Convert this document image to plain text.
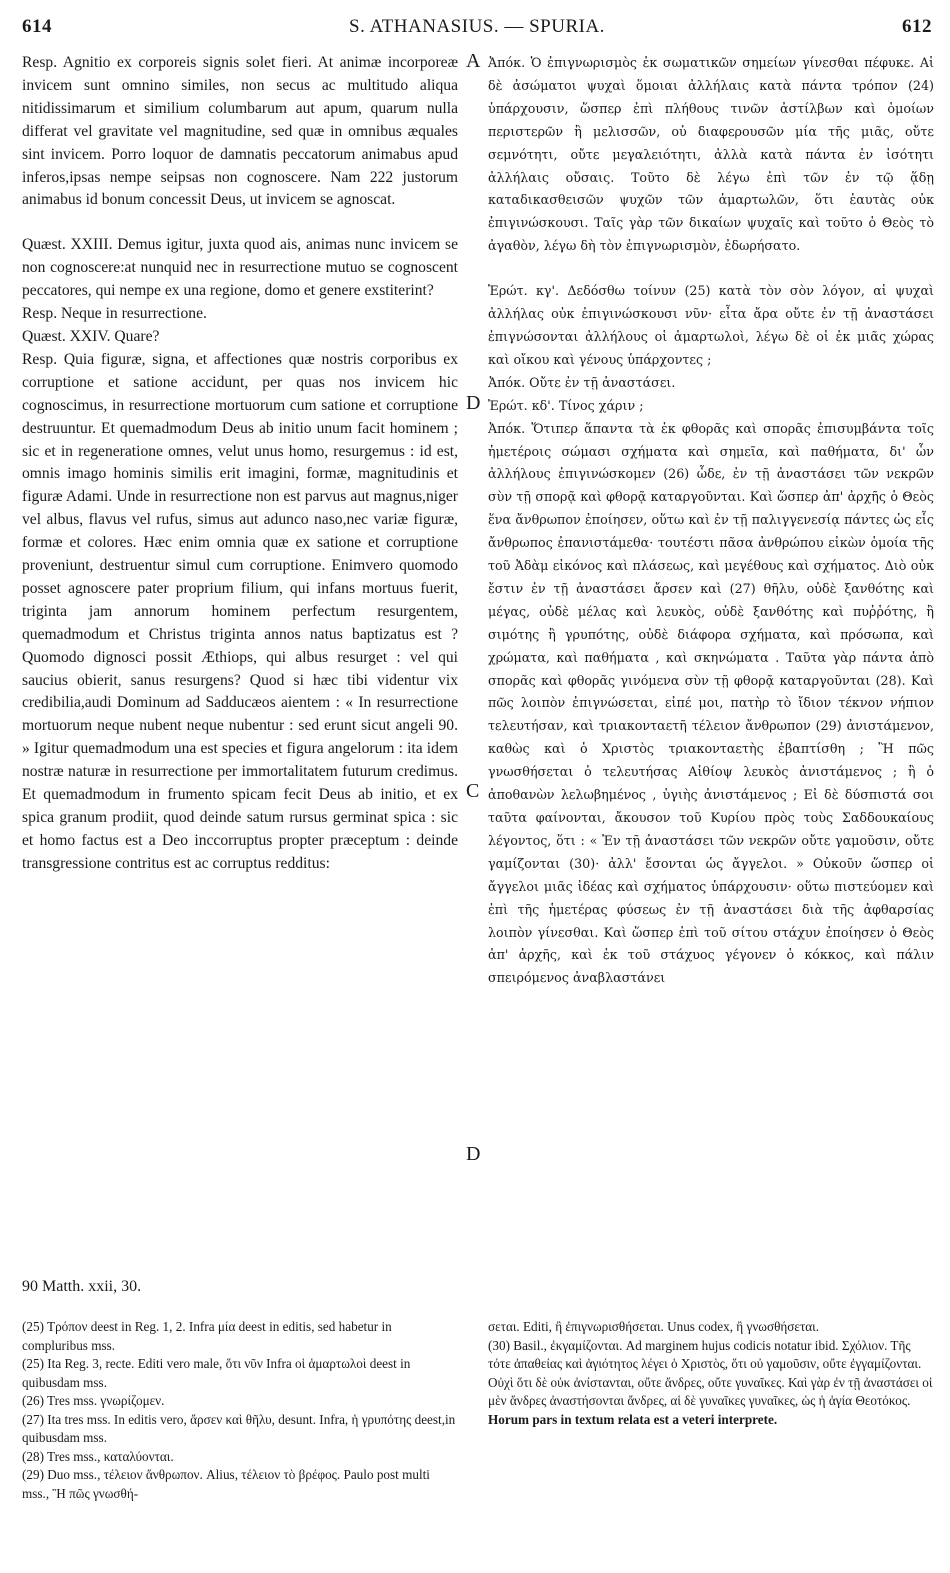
614	S. ATHANASIUS. — SPURIA.	612

Resp. Agnitio ex corporeis signis solet fieri. At animæ incorporeæ invicem sunt omnino similes, non secus ac multitudo aliqua nitidissimarum et similium columbarum aut apum, quarum nulla differat vel gravitate vel magnitudine, sed quæ in omnibus æquales sint invicem. Porro loquor de damnatis peccatorum animabus apud inferos,ipsas nempe seipsas non cognoscere. Nam 222 justorum animabus id bonum concessit Deus, ut invicem se agnoscat.

Quæst. XXIII. Demus igitur, juxta quod ais, animas nunc invicem se non cognoscere:at nunquid nec in resurrectione mutuo se cognoscent peccatores, qui nempe ex una regione, domo et genere exstiterint?

Resp. Neque in resurrectione.

Quæst. XXIV. Quare?

Resp. Quia figuræ, signa, et affectiones quæ nostris corporibus ex corruptione et satione accidunt, per quas nos invicem hic cognoscimus, in resurrectione mortuorum cum satione et corruptione destruuntur. Et quemadmodum Deus ab initio unum facit hominem ; sic et in regeneratione omnes, velut unus homo, resurgemus : id est, omnis imago hominis similis erit imagini, formæ, magnitudinis et figuræ Adami. Unde in resurrectione non est parvus aut magnus,niger vel albus, flavus vel rufus, simus aut adunco naso,nec variæ figuræ, formæ et colores. Hæc enim omnia quæ ex satione et corruptione proveniunt, destruentur simul cum corruptione. Enimvero quomodo posset agnoscere pater proprium filium, qui infans mortuus fuerit, triginta jam annorum hominem perfectum resurgentem, quemadmodum et Christus triginta annos natus baptizatus est ? Quomodo dignosci possit Æthiops, qui albus resurget : vel qui saucius obierit, sanus resurgens? Quod si hæc tibi videntur vix credibilia,audi Dominum ad Sadducæos aientem : « In resurrectione mortuorum neque nubent neque nubentur : sed erunt sicut angeli 90. » Igitur quemadmodum una est species et figura angelorum : ita idem nostræ naturæ in resurrectione per immortalitatem futurum credimus. Et quemadmodum in frumento spicam fecit Deus ab initio, et ex spica granum prodiit, quod deinde satum rursus germinat spica : sic et homo factus est a Deo inccorruptus propter præceptum : deinde transgressione contritus est ac corruptus redditus:

A
D
C
D

Ἀπόκ. Ὁ ἐπιγνωρισμὸς ἐκ σωματικῶν σημείων γίνεσθαι πέφυκε. Αἱ δὲ ἀσώματοι ψυχαὶ ὅμοιαι ἀλλήλαις κατὰ πάντα τρόπον (24) ὑπάρχουσιν, ὥσπερ ἐπὶ πλήθους τινῶν ἀστίλβων καὶ ὁμοίων περιστερῶν ἢ μελισσῶν, οὐ διαφερουσῶν μία τῆς μιᾶς, οὔτε σεμνότητι, οὔτε μεγαλειότητι, ἀλλὰ κατὰ πάντα ἐν ἰσότητι ἀλλήλαις οὔσαις. Τοῦτο δὲ λέγω ἐπὶ τῶν ἐν τῷ ᾅδῃ καταδικασθεισῶν ψυχῶν τῶν ἁμαρτωλῶν, ὅτι ἑαυτὰς οὐκ ἐπιγινώσκουσι. Ταῖς γὰρ τῶν δικαίων ψυχαῖς καὶ τοῦτο ὁ Θεὸς τὸ ἀγαθὸν, λέγω δὴ τὸν ἐπιγνωρισμὸν, ἐδωρήσατο.

Ἐρώτ. κγ'. Δεδόσθω τοίνυν (25) κατὰ τὸν σὸν λόγον, αἱ ψυχαὶ ἀλλήλας οὐκ ἐπιγινώσκουσι νῦν· εἶτα ἄρα οὔτε ἐν τῇ ἀναστάσει ἐπιγνώσονται ἀλλήλους οἱ ἁμαρτωλοὶ, λέγω δὲ οἱ ἐκ μιᾶς χώρας καὶ οἴκου καὶ γένους ὑπάρχοντες ;

Ἀπόκ. Οὔτε ἐν τῇ ἀναστάσει.

Ἐρώτ. κδ'. Τίνος χάριν ;

Ἀπόκ. Ὅτιπερ ἅπαντα τὰ ἐκ φθορᾶς καὶ σπορᾶς ἐπισυμβάντα τοῖς ἡμετέροις σώμασι σχήματα καὶ σημεῖα, καὶ παθήματα, δι' ὧν ἀλλήλους ἐπιγινώσκομεν (26) ὧδε, ἐν τῇ ἀναστάσει τῶν νεκρῶν σὺν τῇ σπορᾷ καὶ φθορᾷ καταργοῦνται. Καὶ ὥσπερ ἀπ' ἀρχῆς ὁ Θεὸς ἕνα ἄνθρωπον ἐποίησεν, οὕτω καὶ ἐν τῇ παλιγγενεσίᾳ πάντες ὡς εἷς ἄνθρωπος ἐπανιστάμεθα· τουτέστι πᾶσα ἀνθρώπου εἰκὼν ὁμοία τῆς τοῦ Ἀδὰμ εἰκόνος καὶ πλάσεως, καὶ μεγέθους καὶ σχήματος. Διὸ οὐκ ἔστιν ἐν τῇ ἀναστάσει ἄρσεν καὶ (27) θῆλυ, οὐδὲ ξανθότης καὶ μέγας, οὐδὲ μέλας καὶ λευκὸς, οὐδὲ ξανθότης καὶ πυῤῥότης, ἢ σιμότης ἢ γρυπότης, οὐδὲ διάφορα σχήματα, καὶ πρόσωπα, καὶ χρώματα, καὶ παθήματα , καὶ σκηνώματα . Ταῦτα γὰρ πάντα ἀπὸ σπορᾶς καὶ φθορᾶς γινόμενα σὺν τῇ φθορᾷ καταργοῦνται (28). Καὶ πῶς λοιπὸν ἐπιγνώσεται, εἰπέ μοι, πατὴρ τὸ ἴδιον τέκνον νήπιον τελευτήσαν, καὶ τριακονταετῆ τέλειον ἄνθρωπον (29) ἀνιστάμενον, καθὼς καὶ ὁ Χριστὸς τριακονταετὴς ἐβαπτίσθη ; Ἢ πῶς γνωσθήσεται ὁ τελευτήσας Αἰθίοψ λευκὸς ἀνιστάμενος ; ἢ ὁ ἀποθανὼν λελωβημένος , ὑγιὴς ἀνιστάμενος ; Εἰ δὲ δύσπιστά σοι ταῦτα φαίνονται, ἄκουσον τοῦ Κυρίου πρὸς τοὺς Σαδδουκαίους λέγοντος, ὅτι : « Ἐν τῇ ἀναστάσει τῶν νεκρῶν οὔτε γαμοῦσιν, οὔτε γαμίζονται (30)· ἀλλ' ἔσονται ὡς ἄγγελοι. » Οὐκοῦν ὥσπερ οἱ ἄγγελοι μιᾶς ἰδέας καὶ σχήματος ὑπάρχουσιν· οὕτω πιστεύομεν καὶ ἐπὶ τῆς ἡμετέρας φύσεως ἐν τῇ ἀναστάσει διὰ τῆς ἀφθαρσίας λοιπὸν γίνεσθαι. Καὶ ὥσπερ ἐπὶ τοῦ σίτου στάχυν ἐποίησεν ὁ Θεὸς ἀπ' ἀρχῆς, καὶ ἐκ τοῦ στάχυος γέγονεν ὁ κόκκος, καὶ πάλιν σπειρόμενος ἀναβλαστάνει

90 Matth. xxii, 30.

(25) Τρόπον deest in Reg. 1, 2. Infra μία deest in editis, sed habetur in compluribus mss.

(25) Ita Reg. 3, recte. Editi vero male, ὅτι νῦν Infra οἱ ἁμαρτωλοὶ deest in quibusdam mss.

(26) Tres mss. γνωρίζομεν.

(27) Ita tres mss. In editis vero, ἄρσεν καὶ θῆλυ, desunt. Infra, ἡ γρυπότης deest,in quibusdam mss.

(28) Tres mss., καταλύονται.

(29) Duo mss., τέλειον ἄνθρωπον. Alius, τέλειον τὸ βρέφος. Paulo post multi mss., Ἢ πῶς γνωσθή-

σεται. Editi, ἢ ἐπιγνωρισθήσεται. Unus codex, ἢ γνωσθήσεται.

(30) Basil., ἐκγαμίζονται. Ad marginem hujus codicis notatur ibid. Σχόλιον. Τῆς τότε ἀπαθείας καὶ ἁγιότητος λέγει ὁ Χριστὸς, ὅτι οὐ γαμοῦσιν, οὔτε ἐγγαμίζονται. Οὐχὶ ὅτι δὲ οὐκ ἀνίστανται, οὔτε ἄνδρες, οὔτε γυναῖκες. Καὶ γὰρ ἐν τῇ ἀναστάσει οἱ μὲν ἄνδρες ἀναστήσονται ἄνδρες, αἱ δὲ γυναῖκες γυναῖκες, ὡς ἡ ἁγία Θεοτόκος.

Horum pars in textum relata est a veteri interprete.
